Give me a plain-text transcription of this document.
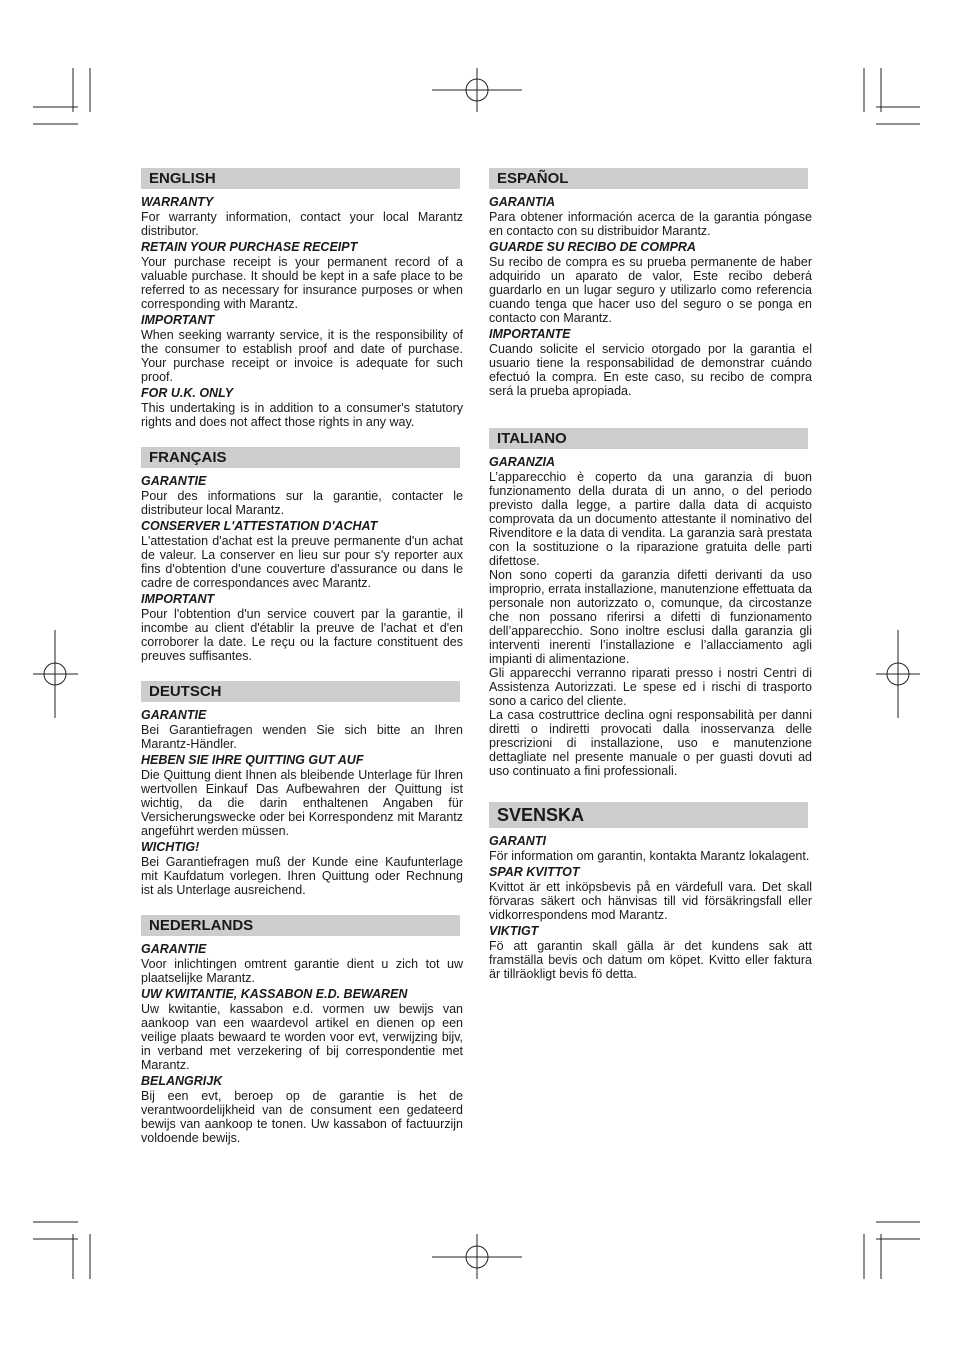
ENGLISH
WARRANTY

For warranty information, contact your local Marantz distributor.

RETAIN YOUR PURCHASE RECEIPT

Your purchase receipt is your permanent record of a valuable purchase. It should be kept in a safe place to be referred to as necessary for insurance purposes or when corresponding with Marantz.

IMPORTANT

When seeking warranty service, it is the responsibility of the consumer to establish proof and date of purchase. Your purchase receipt or invoice is adequate for such proof.

FOR U.K. ONLY

This undertaking is in addition to a consumer's statutory rights and does not affect those rights in any way.

FRANÇAIS
GARANTIE

Pour des informations sur la garantie, contacter le distributeur local Marantz.

CONSERVER L'ATTESTATION D'ACHAT

L'attestation d'achat est la preuve permanente d'un achat de valeur. La conserver en lieu sur pour s'y reporter aux fins d'obtention d'une couverture d'assurance ou dans le cadre de correspondances avec Marantz.

IMPORTANT

Pour l'obtention d'un service couvert par la garantie, il incombe au client d'établir la preuve de l'achat et d'en corroborer la date. Le reçu ou la facture constituent des preuves suffisantes.

DEUTSCH
GARANTIE

Bei Garantiefragen wenden Sie sich bitte an Ihren Marantz-Händler.

HEBEN SIE IHRE QUITTING GUT AUF

Die Quittung dient Ihnen als bleibende Unterlage für Ihren wertvollen Einkauf Das Aufbewahren der Quittung ist wichtig, da die darin enthaltenen Angaben für Versicherungswecke oder bei Korrespondenz mit Marantz angeführt werden müssen.

WICHTIG!

Bei Garantiefragen muß der Kunde eine Kaufunterlage mit Kaufdatum vorlegen. Ihren Quittung oder Rechnung ist als Unterlage ausreichend.

NEDERLANDS
GARANTIE

Voor inlichtingen omtrent garantie dient u zich tot uw plaatselijke Marantz.

UW KWITANTIE, KASSABON E.D. BEWAREN

Uw kwitantie, kassabon e.d. vormen uw bewijs van aankoop van een waardevol artikel en dienen op een veilige plaats bewaard te worden voor evt, verwijzing bijv, in verband met verzekering of bij correspondentie met Marantz.

BELANGRIJK

Bij een evt, beroep op de garantie is het de verantwoordelijkheid van de consument een gedateerd bewijs van aankoop te tonen. Uw kassabon of factuurzijn voldoende bewijs.

ESPAÑOL
GARANTIA

Para obtener información acerca de la garantia póngase en contacto con su distribuidor Marantz.

GUARDE SU RECIBO DE COMPRA

Su recibo de compra es su prueba permanente de haber adquirido un aparato de valor, Este recibo deberá guardarlo en un lugar seguro y utilizarlo como referencia cuando tenga que hacer uso del seguro o se ponga en contacto con Marantz.

IMPORTANTE

Cuando solicite el servicio otorgado por la garantia el usuario tiene la responsabilidad de demonstrar cuándo efectuó la compra. En este caso, su recibo de compra será la prueba apropiada.

ITALIANO
GARANZIA

L’apparecchio è coperto da una garanzia di buon funzionamento della durata di un anno, o del periodo previsto dalla legge, a partire dalla data di acquisto comprovata da un documento attestante il nominativo del Rivenditore e la data di vendita. La garanzia sarà prestata con la sostituzione o la riparazione gratuita delle parti difettose.
Non sono coperti da garanzia difetti derivanti da uso improprio, errata installazione, manutenzione effettuata da personale non autorizzato o, comunque, da circostanze che non possano riferirsi a difetti di funzionamento dell’apparecchio. Sono inoltre esclusi dalla garanzia gli interventi inerenti l’installazione e l’allacciamento agli impianti di alimentazione.
Gli apparecchi verranno riparati presso i nostri Centri di Assistenza Autorizzati. Le spese ed i rischi di trasporto sono a carico del cliente.
La casa costruttrice declina ogni responsabilità per danni diretti o indiretti provocati dalla inosservanza delle prescrizioni di installazione, uso e manutenzione dettagliate nel presente manuale o per guasti dovuti ad uso continuato a fini professionali.

SVENSKA
GARANTI

För information om garantin, kontakta Marantz lokalagent.

SPAR KVITTOT

Kvittot är ett inköpsbevis på en värdefull vara. Det skall förvaras säkert och hänvisas till vid försäkringsfall eller vidkorrespondens mod Marantz.

VIKTIGT

Fö att garantin skall gälla är det kundens sak att framställa bevis och datum om köpet. Kvitto eller faktura är tillräokligt bevis fö detta.
